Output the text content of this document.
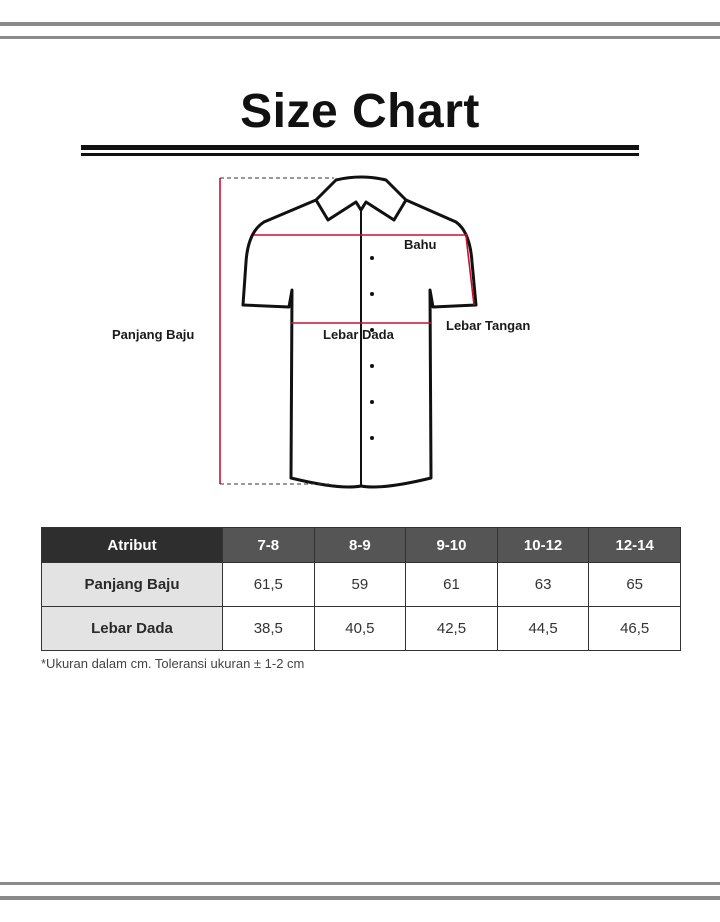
Size Chart
Panjang Baju
Bahu
Lebar Tangan
Lebar Dada
Atribut	7-8	8-9	9-10	10-12	12-14
Panjang Baju	61,5	59	61	63	65
Lebar Dada	38,5	40,5	42,5	44,5	46,5
*Ukuran dalam cm. Toleransi ukuran ± 1-2 cm
